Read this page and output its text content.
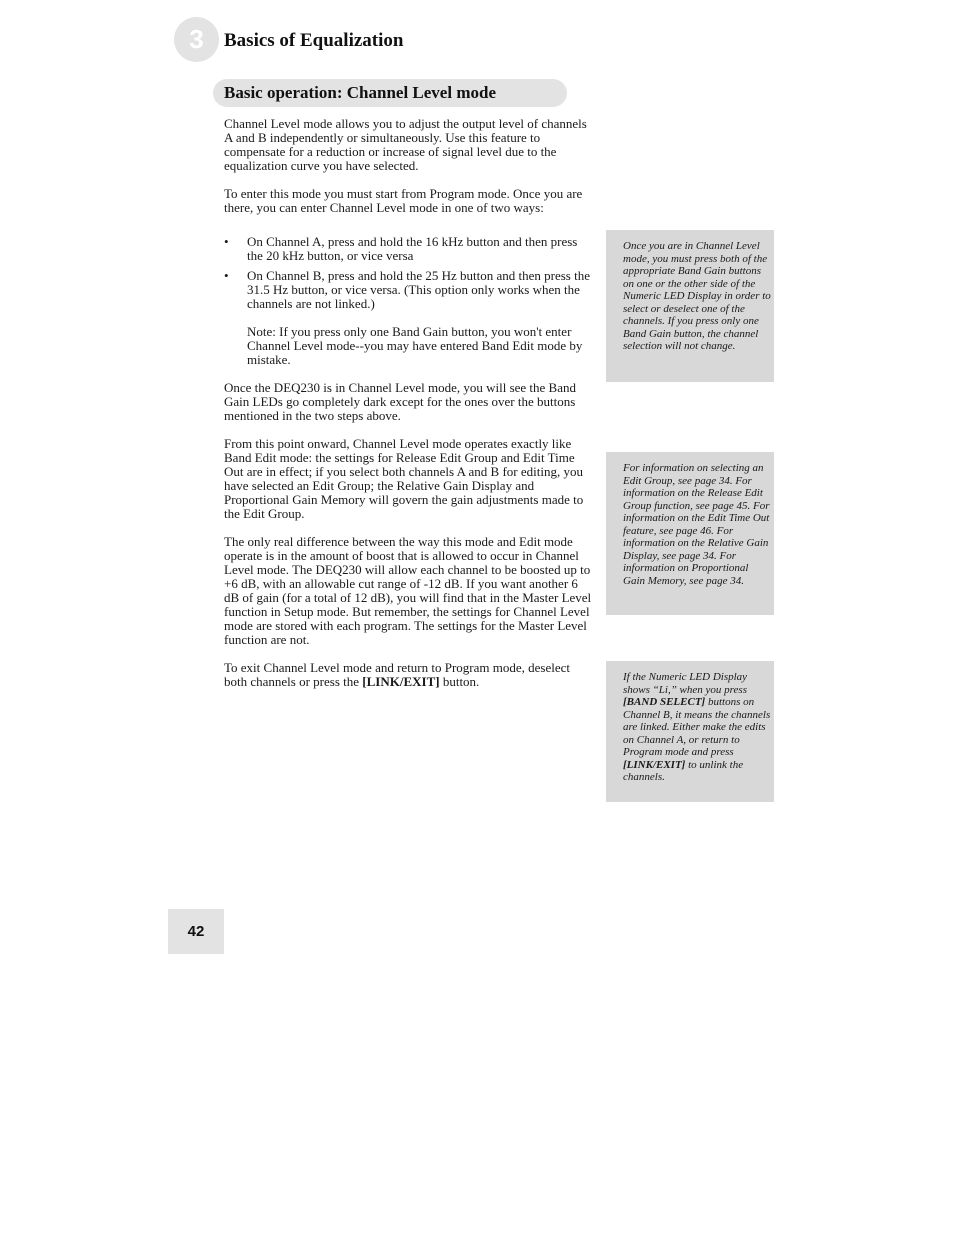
3 Basics of Equalization
Basic operation: Channel Level mode

Channel Level mode allows you to adjust the output level of channels A and B independently or simultaneously. Use this feature to compensate for a reduction or increase of signal level due to the equalization curve you have selected.

To enter this mode you must start from Program mode. Once you are there, you can enter Channel Level mode in one of two ways:

• On Channel A, press and hold the 16 kHz button and then press the 20 kHz button, or vice versa
• On Channel B, press and hold the 25 Hz button and then press the 31.5 Hz button, or vice versa. (This option only works when the channels are not linked.)

Note: If you press only one Band Gain button, you won't enter Channel Level mode--you may have entered Band Edit mode by mistake.

Once the DEQ230 is in Channel Level mode, you will see the Band Gain LEDs go completely dark except for the ones over the buttons mentioned in the two steps above.

From this point onward, Channel Level mode operates exactly like Band Edit mode: the settings for Release Edit Group and Edit Time Out are in effect; if you select both channels A and B for editing, you have selected an Edit Group; the Relative Gain Display and Proportional Gain Memory will govern the gain adjustments made to the Edit Group.

The only real difference between the way this mode and Edit mode operate is in the amount of boost that is allowed to occur in Channel Level mode. The DEQ230 will allow each channel to be boosted up to +6 dB, with an allowable cut range of -12 dB. If you want another 6 dB of gain (for a total of 12 dB), you will find that in the Master Level function in Setup mode. But remember, the settings for Channel Level mode are stored with each program. The settings for the Master Level function are not.

To exit Channel Level mode and return to Program mode, deselect both channels or press the [LINK/EXIT] button.

Once you are in Channel Level mode, you must press both of the appropriate Band Gain buttons on one or the other side of the Numeric LED Display in order to select or deselect one of the channels. If you press only one Band Gain button, the channel selection will not change.
For information on selecting an Edit Group, see page 34. For information on the Release Edit Group function, see page 45. For information on the Edit Time Out feature, see page 46. For information on the Relative Gain Display, see page 34. For information on Proportional Gain Memory, see page 34.
If the Numeric LED Display shows “Li,” when you press [BAND SELECT] buttons on Channel B, it means the channels are linked. Either make the edits on Channel A, or return to Program mode and press [LINK/EXIT] to unlink the channels.
42
